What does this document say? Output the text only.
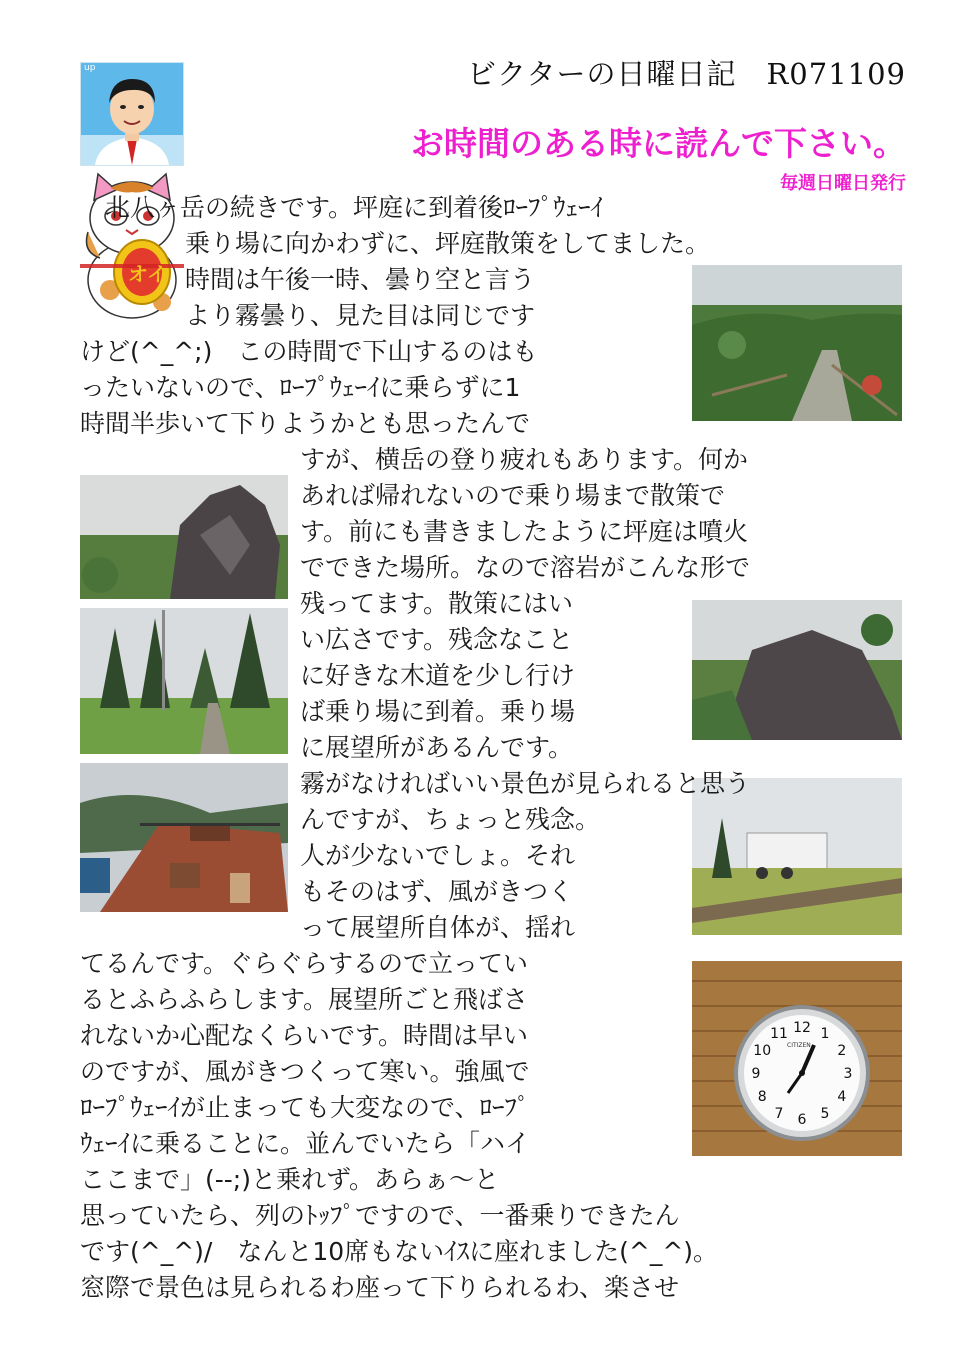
ビクターの日曜日記　R071109
お時間のある時に読んで下さい。
毎週日曜日発行
up
オイ
12 1
2
3
4
5
6
7
8
9
10
11
CITIZEN
　北八ヶ岳の続きです。坪庭に到着後ﾛｰﾌﾟｳｪｰｲ
乗り場に向かわずに、坪庭散策をしてました。
時間は午後一時、曇り空と言う
より霧曇り、見た目は同じです
けど(^_^;)　この時間で下山するのはも
ったいないので、ﾛｰﾌﾟｳｪｰｲに乗らずに1
時間半歩いて下りようかとも思ったんで
すが、横岳の登り疲れもあります。何か
あれば帰れないので乗り場まで散策で
す。前にも書きましたように坪庭は噴火
でできた場所。なので溶岩がこんな形で
残ってます。散策にはい
い広さです。残念なこと
に好きな木道を少し行け
ば乗り場に到着。乗り場
に展望所があるんです。
霧がなければいい景色が見られると思う
んですが、ちょっと残念。
人が少ないでしょ。それ
もそのはず、風がきつく
って展望所自体が、揺れ
てるんです。ぐらぐらするので立ってい
るとふらふらします。展望所ごと飛ばさ
れないか心配なくらいです。時間は早い
のですが、風がきつくって寒い。強風で
ﾛｰﾌﾟｳｪｰｲが止まっても大変なので、ﾛｰﾌﾟ
ｳｪｰｲに乗ることに。並んでいたら「ハイ
ここまで」(--;)と乗れず。あらぁ～と
思っていたら、列のﾄｯﾌﾟですので、一番乗りできたん
です(^_^)/　なんと10席もないｲｽに座れました(^_^)。
窓際で景色は見られるわ座って下りられるわ、楽させ
